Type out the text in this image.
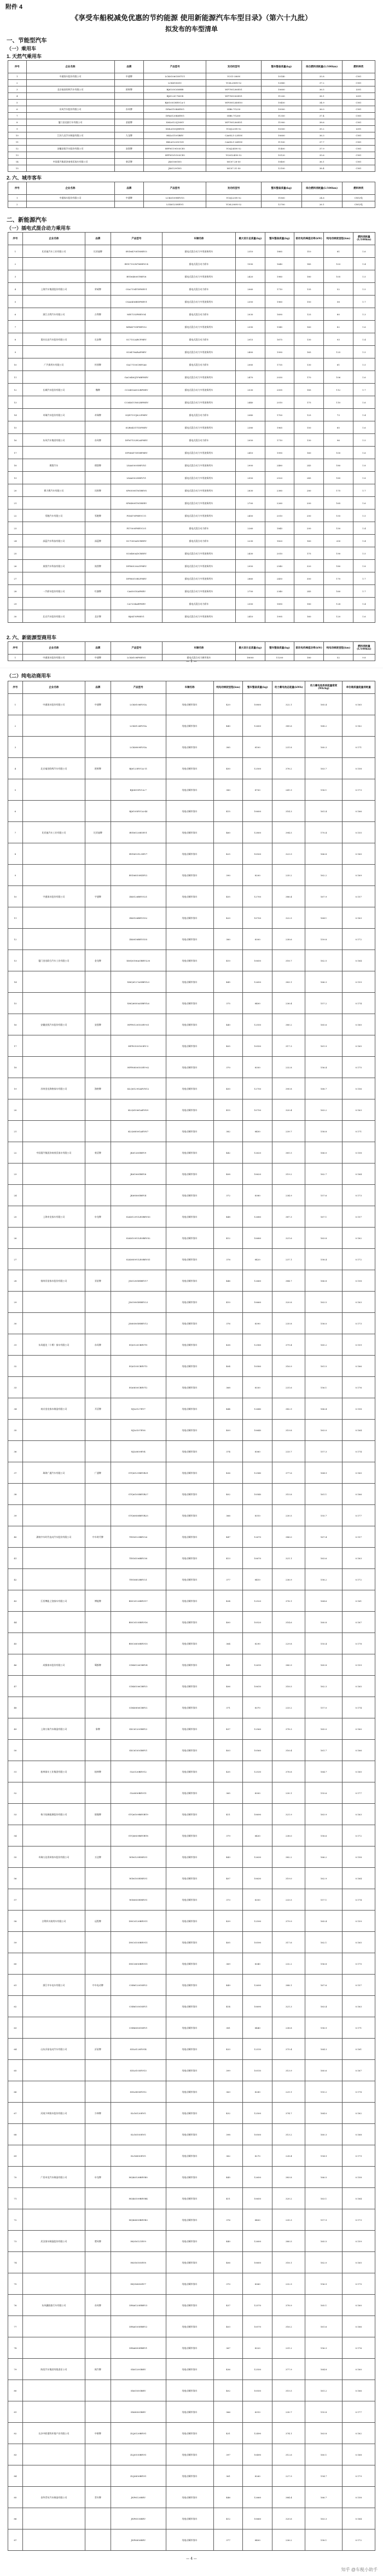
附件 4
《享受车船税减免优惠的节约能源 使用新能源汽车车型目录》（第六十九批）
拟发布的车型清单
一、节能型汽车
（一）乘用车
1. 天然气乘用车
序号	企业名称	品牌	产品型号	发动机型号	整车整备质量(kg)	综合燃料消耗量(L/100km)	燃料种类
1	中通客车股份有限公司	中通牌	LCK6106G5NTU1	YCG1-380N	10140	35.8	CNG
2			LCK6180GC	YC6L280N-52	12880	37.2	CNG
3	北京福田欧辉汽车有限公司	欧辉牌	BJ6105C6MHB	WP7NG280E51	10600	36.5	LNG
4			BJ6123C7MCB	WP7NG300E51	11200	38.1	LNG
5			BJ6105CHEVCA-1	WP5NG240E50	10450	34.9	CNG
6	东风汽车股份有限公司	东风牌	DFA6110K6ENG	ISB6.7G230	10900	36.0	CNG
7			DFA6120K6ENG	ISB6.7G260	11350	37.4	CNG
8	厦门金龙旅行车有限公司	金旅牌	XML6125J18NY	WP7NG280E51	11900	38.6	CNG
9			XML6105JHEVD	YC6J220N-52	10300	35.2	LNG
10	江苏九龙汽车制造有限公司	九龙牌	HKL6110GBEV	CA6SL1-22E5N	10600	36.3	CNG
11			HKL6120GCNG	CA6SL1-26E5N	11100	37.7	CNG
12	安徽安凯汽车股份有限公司	安凯牌	HFF6119G03CE5	YC6J245N-52	11400	37.9	CNG
13			HFF6101G03CE5	YC6G245N-52	10120	35.6	CNG
14	中国重汽集团济南豪沃客车有限公司	豪沃牌	JK6106GN5	MC07.28-50	10400	36.1	CNG
15			JK6129GN5	MC07.31-50	12100	38.4	CNG
2. 六、城市客车
序号	企业名称	品牌	产品型号	发动机型号	整车整备质量(kg)	综合燃料消耗量(L/100km)	燃料种类
1	中通客车股份有限公司	中通牌	LCK6109HEVG5	YC6J220N-52	11800	24.6	CNG/电
2			LCK6125HEVG	YC6L280N-52	12700	26.1	CNG/电
二、新能源汽车
（一）插电式混合动力乘用车
序号	企业名称	品牌	产品型号	车辆名称	最大设计总质量(kg)	整车整备质量(kg)	驱动电机峰值功率(kW)	纯电动续驶里程(km)	燃料消耗量(L/100km)
1	比亚迪汽车工业有限公司	比亚迪牌	BYD6470ST6HEV3	插电式混合动力多用途乘用车	2310	1885	110	81	1.6
2			BYD7152WT6HEVC4	插电式混合动力轿车	1990	1640	145	103	1.4
3			BYD6480STHEV6	插电式混合动力多用途乘用车	2420	1980	180	105	1.5
4	上海汽车集团股份有限公司	荣威牌	CSA7154TDPHEV1	插电式混合动力轿车	2060	1710	135	52	1.5
5			CSA6456BDPHEV1	插电式混合动力多用途乘用车	2350	1960	150	58	1.7
6	浙江吉利汽车有限公司	吉利牌	MR7153PHEV04	插电式混合动力轿车	2030	1690	125	80	1.3
7			MR6471DPHEV02	插电式混合动力多用途乘用车	2390	1945	160	82	1.6
8	重庆长安汽车股份有限公司	长安牌	SC7152ABCPHEV	插电式混合动力轿车	2015	1675	130	93	1.4
9			SC6478ARAPHEV	插电式混合动力多用途乘用车	2400	1990	165	125	1.5
10	广汽乘用车有限公司	传祺牌	GAC7150CHEVA6	插电式混合动力轿车	2085	1735	130	61	1.5
11			GAC6480J1F6BPHEV	插电式混合动力多用途乘用车	2470	2030	170	106	1.6
12	长城汽车股份有限公司	魏牌	CC6481AD32BPHEV	插电式混合动力多用途乘用车	2530	2095	185	112	1.7
13			CC6461UM02BPHEV	插电式混合动力多用途乘用车	2440	2010	175	110	1.6
14	奇瑞汽车股份有限公司	奇瑞牌	SQR7151J622PHEV	插电式混合动力轿车	2040	1700	125	73	1.4
15			SQR6451T1DPHEV	插电式混合动力多用途乘用车	2380	1965	150	85	1.6
16	东风汽车集团有限公司	东风牌	DFM7152H2APHEV	插电式混合动力轿车	2050	1710	130	96	1.5
17			DFM6471E1BPHEV	插电式混合动力多用途乘用车	2410	1990	160	100	1.6
18	理想汽车	理想牌	LXA6500SHEVX1	插电式混合动力多用途乘用车	2900	2480	245	180	1.8
19			LXA6502SHEVY1	插电式混合动力多用途乘用车	2950	2520	245	185	1.8
20	赛力斯汽车有限公司	问界牌	SF6500ST61BEVS	插电式混合动力多用途乘用车	2830	2380	280	175	1.7
21			SF6480ST61REEV	插电式混合动力多用途乘用车	2700	2260	200	165	1.6
22	零跑汽车有限公司	零跑牌	FZ6470PHEVC11	插电式混合动力多用途乘用车	2450	2010	200	155	1.5
23			FZ7000PHEVC01	插电式混合动力轿车	2260	1845	200	150	1.4
24	深蓝汽车科技有限公司	深蓝牌	SC7005ADCREEV	插电式混合动力轿车	2230	1820	160	200	1.4
25			SC6480ADCREEV	插电式混合动力多用途乘用车	2430	2010	175	190	1.5
26	岚图汽车科技有限公司	岚图牌	DFH6520A1PHEV	插电式混合动力多用途乘用车	2950	2540	320	180	1.8
27			DFH6510B2PHEV	插电式混合动力多用途乘用车	2860	2450	300	170	1.7
28	一汽轿车股份有限公司	红旗牌	CA6501SAPHEV	插电式混合动力多用途乘用车	2750	2340	245	160	1.7
29			CA7204AEPHEV	插电式混合动力轿车	2300	1890	180	128	1.4
30	北京汽车股份有限公司	北京牌	BJ6470PHEV1	插电式混合动力多用途乘用车	2410	1995	160	120	1.6
2. 六、新能源型商用车
序号	企业名称	品牌	产品型号	车辆名称	最大设计总质量(kg)	整车整备质量(kg)	驱动电机峰值功率(kW)	纯电动续驶里程(km)	燃料消耗量(L/100km)
1	中通客车股份有限公司	中通牌	LCK6108PHEVG	插电式混合动力城市客车	18000	11200	180	52	9.8
— 1 —
（二）纯电动商用车
序号	企业名称	品牌	产品型号	车辆名称	纯电动续驶里程(km)	整车整备质量(kg)	动力蓄电池总能量(kWh)	动力蓄电池系统能量密度(Wh/kg)	单位载质量能量消耗量
1	中通客车股份有限公司	中通牌	LCK6106EVGA	纯电动城市客车	420	10800	322.1	165.4	0.165
2			LCK6126EVGA	纯电动城市客车	440	12600	385.6	168.2	0.162
3			LCK6809EVGA	纯电动城市客车	385	8100	231.8	160.3	0.171
4	北京福田欧辉汽车有限公司	欧辉牌	BJ6123EVCA-11	纯电动城市客车	450	12500	376.2	163.7	0.158
5			BJ6851EVCA-7	纯电动城市客车	380	8700	241.9	158.1	0.173
6			BJ6105EVCA-44	纯电动城市客车	415	10600	314.3	161.4	0.166
7	比亚迪汽车工业有限公司	比亚迪牌	BYD6120B1EV1	纯电动城市客车	460	12800	394.5	170.4	0.155
8			BYD6101LGEV7	纯电动城市客车	425	10500	323.9	166.8	0.160
9			BYD6810HZEV2	纯电动城市客车	390	8200	235.2	162.2	0.169
10	宇通客车股份有限公司	宇通牌	ZK6126BEVG21	纯电动城市客车	455	12700	386.4	167.9	0.157
11			ZK6106BEVG52	纯电动城市客车	420	10700	322.5	164.1	0.163
12			ZK6816BEVG55	纯电动城市客车	380	8300	238.6	159.8	0.172
13	厦门金龙联合汽车工业有限公司	金龙牌	XMQ6106AGBEVL30	纯电动城市客车	410	10650	318.7	162.5	0.164
14			XMQ6127AGBEVL9	纯电动城市客车	445	12650	383.1	166.3	0.159
15			XMQ6850AGBEVL6	纯电动城市客车	375	8400	236.4	157.2	0.174
16	安徽安凯汽车股份有限公司	安凯牌	HFF6120G03EV-61	纯电动城市客车	440	12550	380.2	165.6	0.160
17			HFF6105G03EV-3	纯电动城市客车	405	10550	317.3	161.9	0.165
18			HFF6850G03EV-62	纯电动城市客车	370	8350	232.8	156.4	0.175
19	苏州金龙海格客车有限公司	海格牌	KLQ6129GAEVN12	纯电动城市客车	450	12750	390.8	168.7	0.156
20			KLQ6106GAEVN9	纯电动城市客车	415	10750	320.4	163.2	0.163
21			KLQ6850GAEVN7	纯电动城市客车	382	8450	239.7	158.8	0.171
22	中国重汽集团济南豪沃客车有限公司	豪沃牌	JK6126GBEV9	纯电动城市客车	442	12620	381.5	166.0	0.158
23			JK6106GBEV6	纯电动城市客车	408	10620	319.2	162.7	0.164
24			JK6856GBEV4	纯电动城市客车	372	8380	234.9	157.6	0.173
25	上海申龙客车有限公司	申龙牌	SLK6129ULE0BEVS3	纯电动城市客车	448	12680	387.3	167.1	0.157
26			SLK6109ULE0BEVS2	纯电动城市客车	412	10680	321.6	163.8	0.162
27			SLK6859ULE0BEVS1	纯电动城市客车	378	8420	237.1	158.4	0.172
28	扬州亚星客车股份有限公司	亚星牌	JS6128GHBEV17	纯电动城市客车	446	12660	384.7	166.8	0.158
29			JS6108GHBEV23	纯电动城市客车	410	10660	320.8	163.5	0.163
30			JS6858GHBEV12	纯电动城市客车	376	8390	235.8	158.0	0.173
31	东风超龙（十堰）客车有限公司	东风牌	EQ6120CBEVT5	纯电动城市客车	438	12580	379.4	165.2	0.159
32			EQ6105CBEVT3	纯电动城市客车	404	10580	316.9	161.5	0.166
33			EQ6850CBEVT2	纯电动城市客车	368	8330	231.6	156.1	0.176
34	南京金龙客车制造有限公司	开沃牌	NJL6127EV7	纯电动城市客车	444	12640	382.9	166.4	0.158
35			NJL6107EV6	纯电动城市客车	409	10640	319.8	163.0	0.164
36			NJL6859EV4	纯电动城市客车	374	8360	233.7	157.3	0.174
37	珠海广通汽车有限公司	广通牌	GTQ6121BEVB31	纯电动城市客车	436	12540	377.6	164.9	0.160
38			GTQ6105BEVB27	纯电动城市客车	402	10540	315.8	161.1	0.166
39			GTQ6858BEVB25	纯电动城市客车	366	8310	230.5	155.7	0.177
40	湖南中车时代电动汽车股份有限公司	中车时代牌	TEG6129BEV26	纯电动城市客车	447	12670	386.0	167.4	0.157
41			TEG6106BEV38	纯电动城市客车	413	10670	321.1	163.6	0.163
42			TEG6853BEV21	纯电动城市客车	377	8410	236.9	158.2	0.172
43	江西博能上饶客车有限公司	博能牌	BNC6120BEVG7	纯电动城市客车	434	12520	376.1	164.6	0.161
44			BNC6105BEVG6	纯电动城市客车	400	10520	314.6	160.8	0.167
45			BNC6850BEVG5	纯电动城市客车	364	8290	229.8	155.4	0.178
46	成都客车股份有限公司	蜀都牌	CDK6126CBEV4	纯电动城市客车	441	12610	380.9	165.8	0.159
47			CDK6106CBEV3	纯电动城市客车	406	10610	318.5	162.3	0.165
48			CDK6856CBEV2	纯电动城市客车	371	8370	233.2	157.0	0.174
49	上海万象汽车制造有限公司	象牌	SXC6120GBEV2	纯电动城市客车	437	12560	378.3	165.0	0.160
50			SXC6105GBEV1	纯电动城市客车	403	10560	316.4	161.7	0.166
51	桂林客车工业集团有限公司	桂林牌	GL6120BEVG2	纯电动城市客车	435	12530	376.8	164.7	0.160
52			GL6850BEVG1	纯电动城市客车	365	8300	230.1	155.6	0.177
53	格力钛新能源股份有限公司	银隆牌	GTQ6109BEVBT9	纯电动城市客车	411	10690	321.9	163.9	0.163
54			GTQ6859BEVBT8	纯电动城市客车	379	8430	238.0	158.6	0.172
55	奇瑞万达贵州客车股份有限公司	万达牌	WD6125EHEVG	纯电动城市客车	443	12630	382.2	166.2	0.158
56			WD6105EHEVG	纯电动城市客车	407	10630	319.0	162.9	0.164
57			WD6855EHEVG	纯电动城市客车	373	8350	233.5	157.1	0.174
58	吉利四川商用车有限公司	远程牌	DNC6120BEVG1	纯电动城市客车	439	12590	379.9	165.4	0.159
59			DNC6105BEVG1	纯电动城市客车	405	10590	317.6	162.1	0.165
60			DNC6850BEVG1	纯电动城市客车	369	8340	232.2	156.8	0.175
61	浙江中车电车有限公司	中车电动牌	CSR6120GSEV2	纯电动城市客车	449	12690	388.1	167.6	0.157
62			CSR6105GSEV1	纯电动城市客车	414	10690	321.3	163.4	0.163
63			CSR6850GSEV1	纯电动城市客车	381	8440	238.8	158.9	0.171
64	山东沂星电动汽车有限公司	沂星牌	SDL6120EVG4	纯电动城市客车	433	12510	375.4	164.3	0.161
65			SDL6105EVG3	纯电动城市客车	399	10510	313.9	160.6	0.167
66			SDL6850EVG2	纯电动城市客车	363	8280	229.1	155.2	0.178
67	河南少林客车股份有限公司	少林牌	SLG6120EVG	纯电动城市客车	432	12500	374.7	164.0	0.162
68			SLG6105EVG	纯电动城市客车	398	10500	313.2	160.3	0.168
69			SLG6850EVG	纯电动城市客车	362	8270	228.4	154.9	0.179
70	广西申龙汽车制造有限公司	申龙牌	HQK6128BEVB5	纯电动城市客车	445	12650	383.8	166.5	0.158
71			HQK6109BEVB4	纯电动城市客车	411	10650	320.2	163.1	0.164
72			HQK6859BEVB3	纯电动城市客车	376	8400	235.3	157.9	0.173
73	武汉客车制造股份有限公司	楚风牌	HQG6121EV9	纯电动城市客车	440	12600	380.5	165.5	0.159
74			HQG6105EV8	纯电动城市客车	406	10600	318.1	162.0	0.165
75			HQG6850EV7	纯电动城市客车	370	8360	232.9	156.9	0.175
76	东风襄阳旅行车有限公司	东风牌	DFA6120EBEV3	纯电动城市客车	437	12570	378.9	165.1	0.160
77			DFA6105EBEV2	纯电动城市客车	403	10570	316.2	161.6	0.166
78			DFA6850EBEV1	纯电动城市客车	367	8320	231.2	156.3	0.176
79	陕西汽车集团有限责任公司	陕汽牌	SX6120GBEV	纯电动城市客车	436	12550	377.9	164.8	0.160
80			SX6105GBEV	纯电动城市客车	402	10550	315.5	161.2	0.166
81			SX6850GBEV	纯电动城市客车	366	8310	230.7	155.8	0.177
82	长沙中联重科环境产业有限公司	中联牌	ZLJ6120BEVG	纯电动城市客车	431	12490	374.1	163.8	0.162
83			ZLJ6105BEVG	纯电动城市客车	397	10490	312.6	160.1	0.168
84			ZLJ6850BEVG	纯电动城市客车	361	8260	227.9	154.7	0.179
85	金华青年汽车制造有限公司	青年牌	JNP6120BEV	纯电动城市客车	446	12660	384.4	166.7	0.158
86			JNP6105BEV	纯电动城市客车	412	10660	320.6	163.3	0.164
87			JNP6850BEV	纯电动城市客车	377	8400	236.2	158.1	0.172
— 4 —
知乎 @车税小助手
